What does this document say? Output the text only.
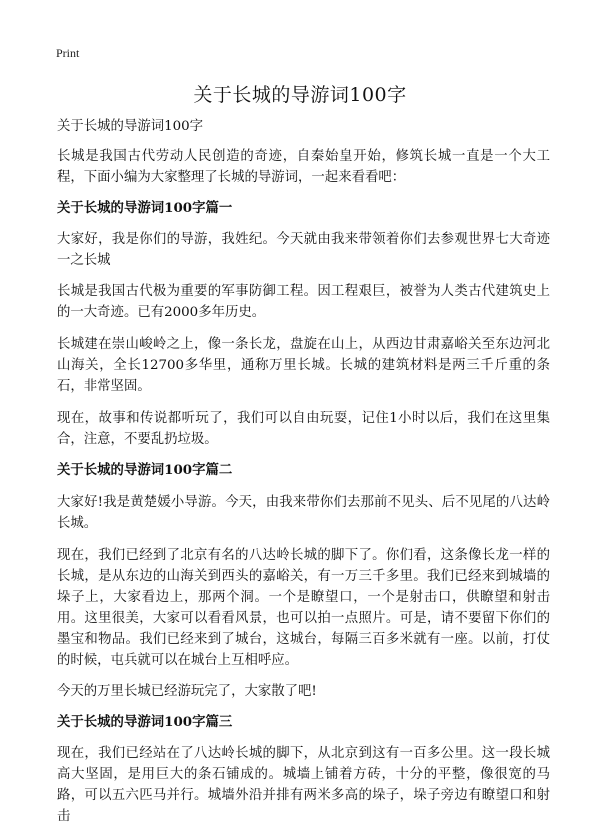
Print
关于长城的导游词100字

关于长城的导游词100字

长城是我国古代劳动人民创造的奇迹，自秦始皇开始，修筑长城一直是一个大工程，下面小编为大家整理了长城的导游词，一起来看看吧：

关于长城的导游词100字篇一

大家好，我是你们的导游，我姓纪。今天就由我来带领着你们去参观世界七大奇迹一之长城

长城是我国古代极为重要的军事防御工程。因工程艰巨，被誉为人类古代建筑史上的一大奇迹。已有2000多年历史。

长城建在崇山峻岭之上，像一条长龙，盘旋在山上，从西边甘肃嘉峪关至东边河北山海关，全长12700多华里，通称万里长城。长城的建筑材料是两三千斤重的条石，非常坚固。

现在，故事和传说都听玩了，我们可以自由玩耍，记住1小时以后，我们在这里集合，注意，不要乱扔垃圾。

关于长城的导游词100字篇二

大家好!我是黄楚媛小导游。今天，由我来带你们去那前不见头、后不见尾的八达岭长城。

现在，我们已经到了北京有名的八达岭长城的脚下了。你们看，这条像长龙一样的长城，是从东边的山海关到西头的嘉峪关，有一万三千多里。我们已经来到城墙的垛子上，大家看边上，那两个洞。一个是瞭望口，一个是射击口，供瞭望和射击用。这里很美，大家可以看看风景，也可以拍一点照片。可是，请不要留下你们的墨宝和物品。我们已经来到了城台，这城台，每隔三百多米就有一座。以前，打仗的时候，屯兵就可以在城台上互相呼应。

今天的万里长城已经游玩完了，大家散了吧!

关于长城的导游词100字篇三

现在，我们已经站在了八达岭长城的脚下，从北京到这有一百多公里。这一段长城高大坚固，是用巨大的条石铺成的。城墙上铺着方砖，十分的平整，像很宽的马路，可以五六匹马并行。城墙外沿并排有两米多高的垛子，垛子旁边有瞭望口和射击
